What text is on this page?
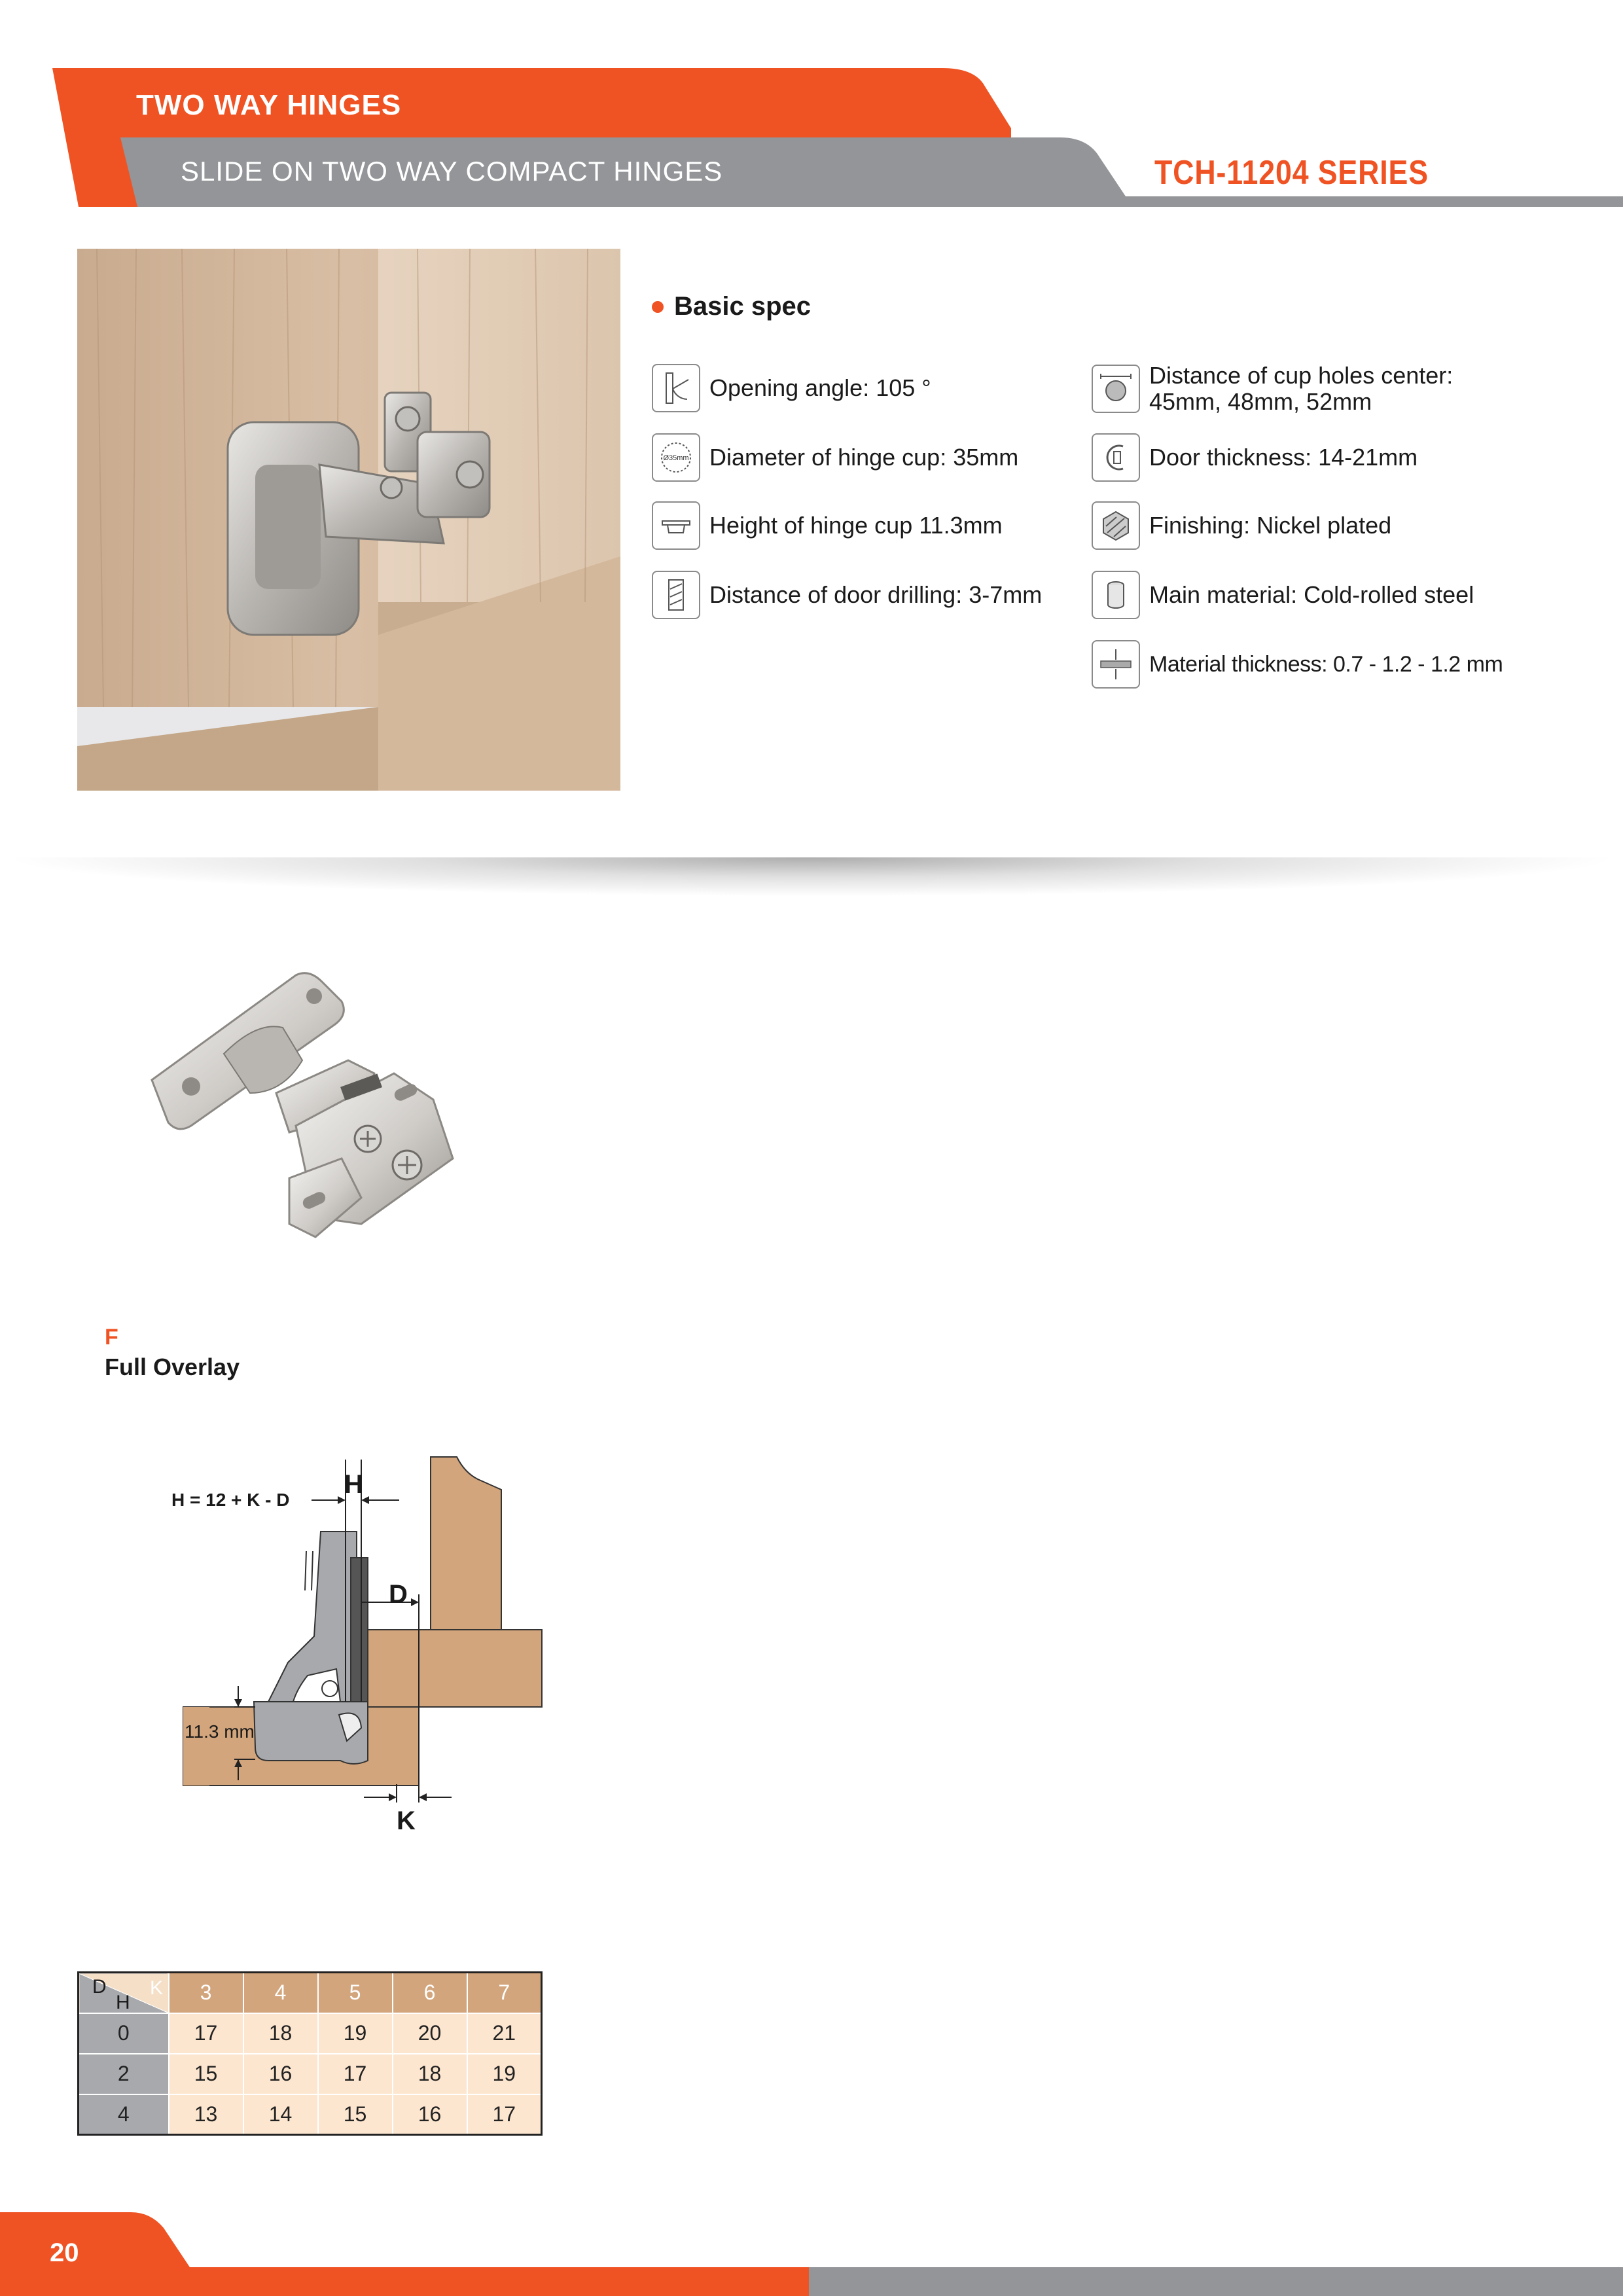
TWO WAY HINGES
SLIDE ON TWO WAY COMPACT HINGES	TCH-11204 SERIES
Basic spec
Opening angle: 105 °
Ø35mm Diameter of hinge cup: 35mm
Height of hinge cup 11.3mm
Distance of door drilling: 3-7mm
Distance of cup holes center:
45mm, 48mm, 52mm
Door thickness: 14-21mm
Finishing: Nickel plated
Main material: Cold-rolled steel
Material thickness: 0.7 - 1.2 - 1.2 mm
F
Full Overlay
H = 12 + K - D
H
D
K
11.3 mm
D
H
K	3	4	5	6	7
0	17	18	19	20	21
2	15	16	17	18	19
4	13	14	15	16	17
20
